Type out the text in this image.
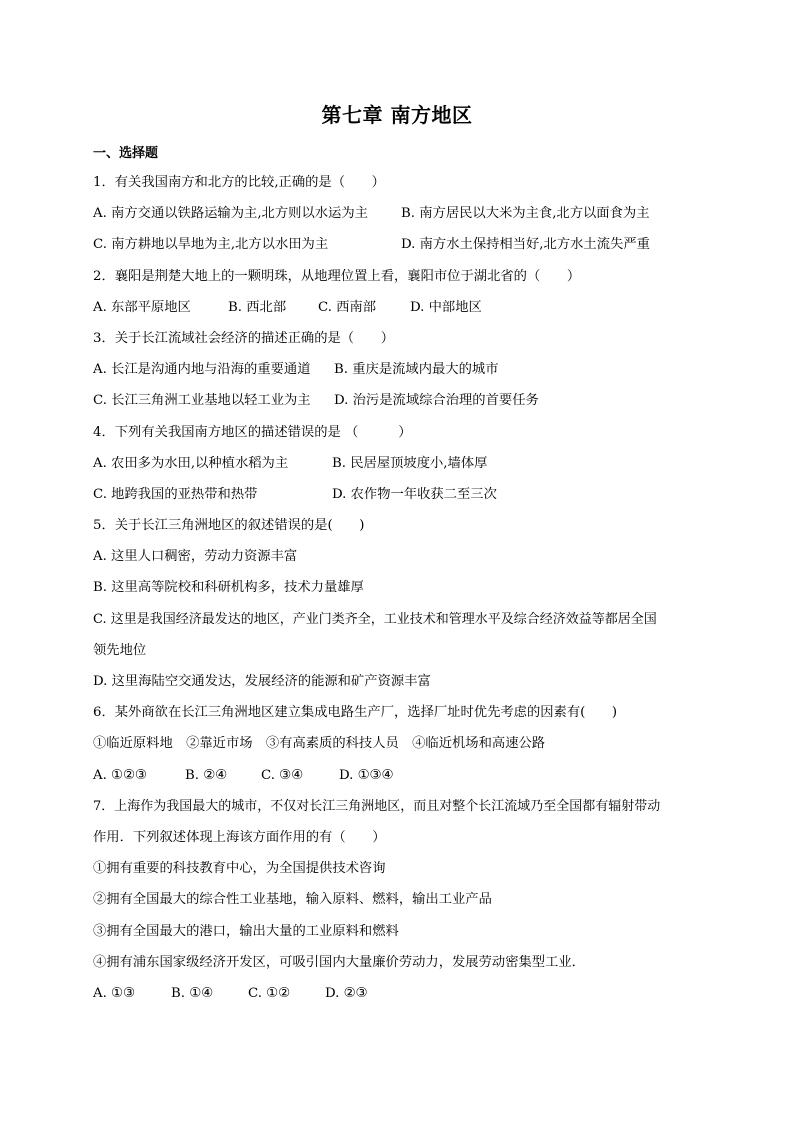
第七章 南方地区
一、选择题
1．有关我国南方和北方的比较,正确的是（　　）
A. 南方交通以铁路运输为主,北方则以水运为主 B. 南方居民以大米为主食,北方以面食为主
C. 南方耕地以旱地为主,北方以水田为主	D. 南方水土保持相当好,北方水土流失严重
2．襄阳是荆楚大地上的一颗明珠，从地理位置上看，襄阳市位于湖北省的（　　）
A. 东部平原地区	B. 西北部 C. 西南部	D. 中部地区
3．关于长江流域社会经济的描述正确的是（　　）
A. 长江是沟通内地与沿海的重要通道 B. 重庆是流域内最大的城市
C. 长江三角洲工业基地以轻工业为主 D. 治污是流域综合治理的首要任务
4．下列有关我国南方地区的描述错误的是 （　　　）
A. 农田多为水田,以种植水稻为主	B. 民居屋顶坡度小,墙体厚
C. 地跨我国的亚热带和热带	D. 农作物一年收获二至三次
5．关于长江三角洲地区的叙述错误的是(　　)
A. 这里人口稠密，劳动力资源丰富
B. 这里高等院校和科研机构多，技术力量雄厚
C. 这里是我国经济最发达的地区，产业门类齐全，工业技术和管理水平及综合经济效益等都居全国
领先地位
D. 这里海陆空交通发达，发展经济的能源和矿产资源丰富
6．某外商欲在长江三角洲地区建立集成电路生产厂，选择厂址时优先考虑的因素有(　　)
①临近原料地　②靠近市场　③有高素质的科技人员　④临近机场和高速公路
A. ①②③	B. ②④	C. ③④	D. ①③④
7．上海作为我国最大的城市，不仅对长江三角洲地区，而且对整个长江流域乃至全国都有辐射带动
作用．下列叙述体现上海该方面作用的有（　　）
①拥有重要的科技教育中心，为全国提供技术咨询
②拥有全国最大的综合性工业基地，输入原料、燃料，输出工业产品
③拥有全国最大的港口，输出大量的工业原料和燃料
④拥有浦东国家级经济开发区，可吸引国内大量廉价劳动力，发展劳动密集型工业．
A. ①③	B. ①④	C. ①②	D. ②③
